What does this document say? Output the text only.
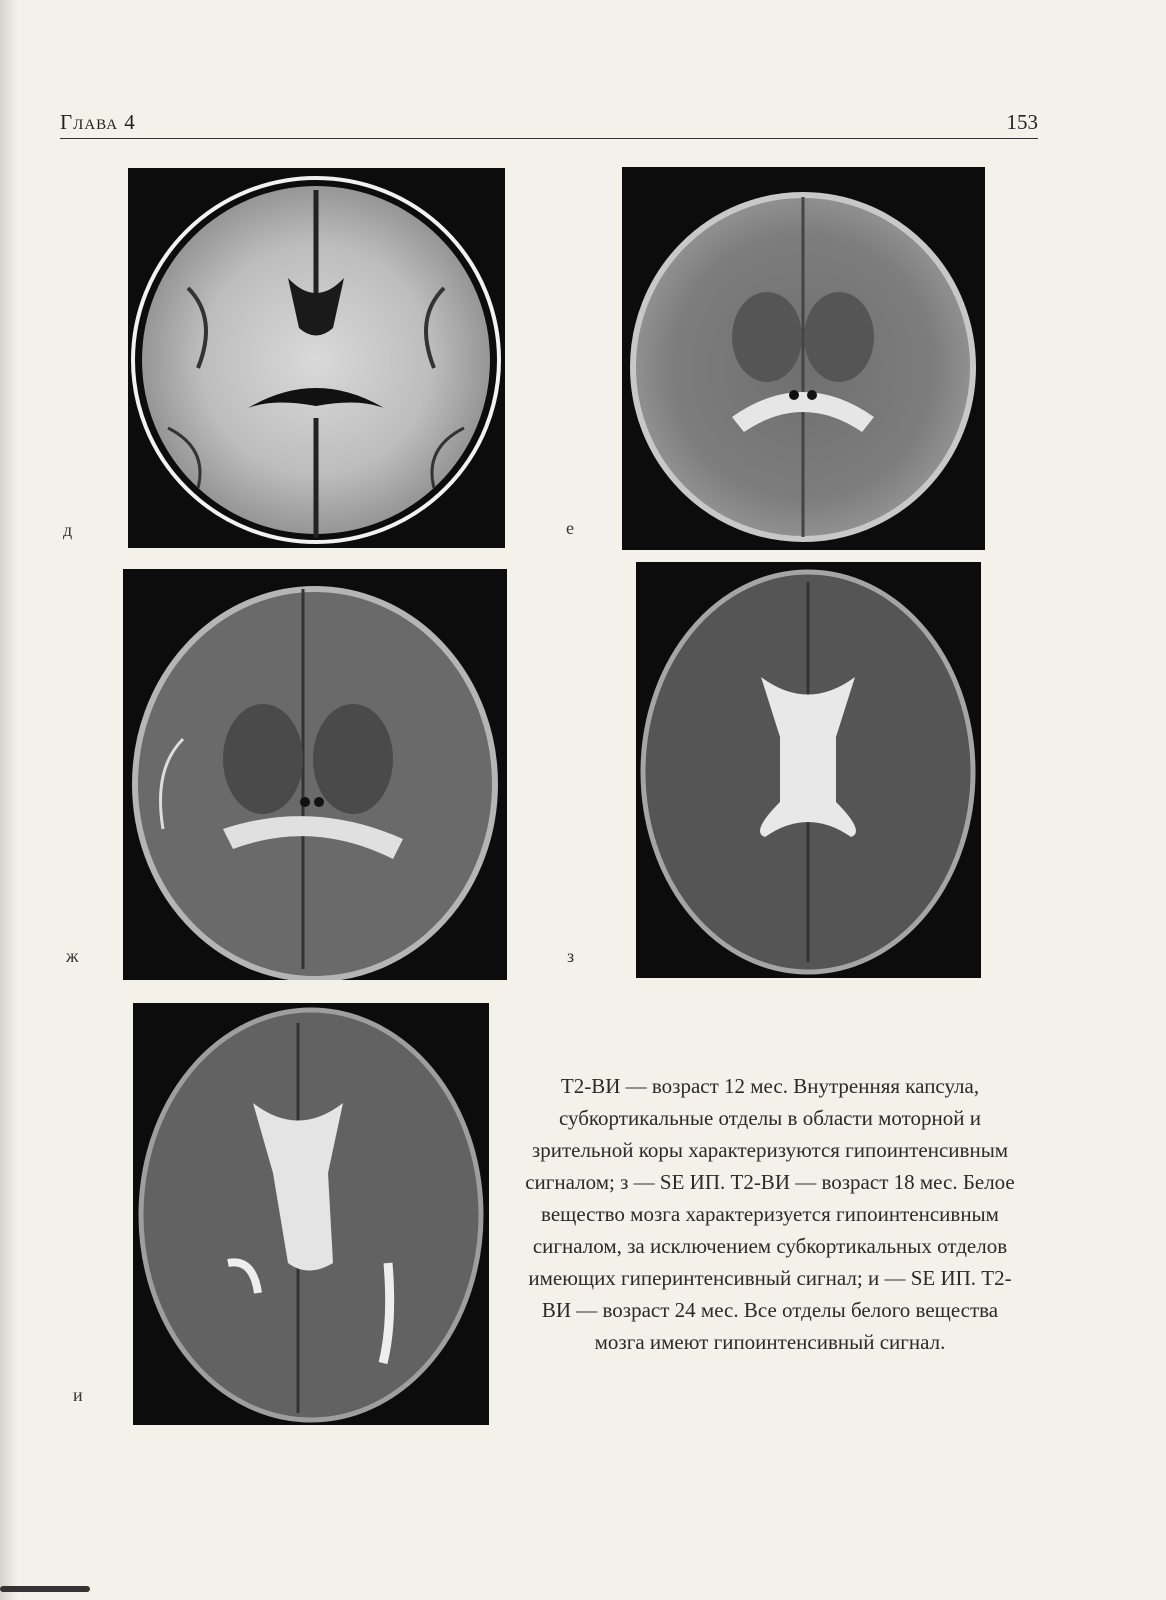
Глава 4	153
д	е
ж	з
и
Т2-ВИ — возраст 12 мес. Внутренняя капсула, субкортикальные отделы в области моторной и зрительной коры характеризуются гипоинтенсивным сигналом; з — SE ИП. Т2-ВИ — возраст 18 мес. Белое вещество мозга характеризуется гипоинтенсивным сигналом, за исключением субкортикальных отделов имеющих гиперинтенсивный сигнал; и — SE ИП. Т2-ВИ — возраст 24 мес. Все отделы белого вещества мозга имеют гипоинтенсивный сигнал.
